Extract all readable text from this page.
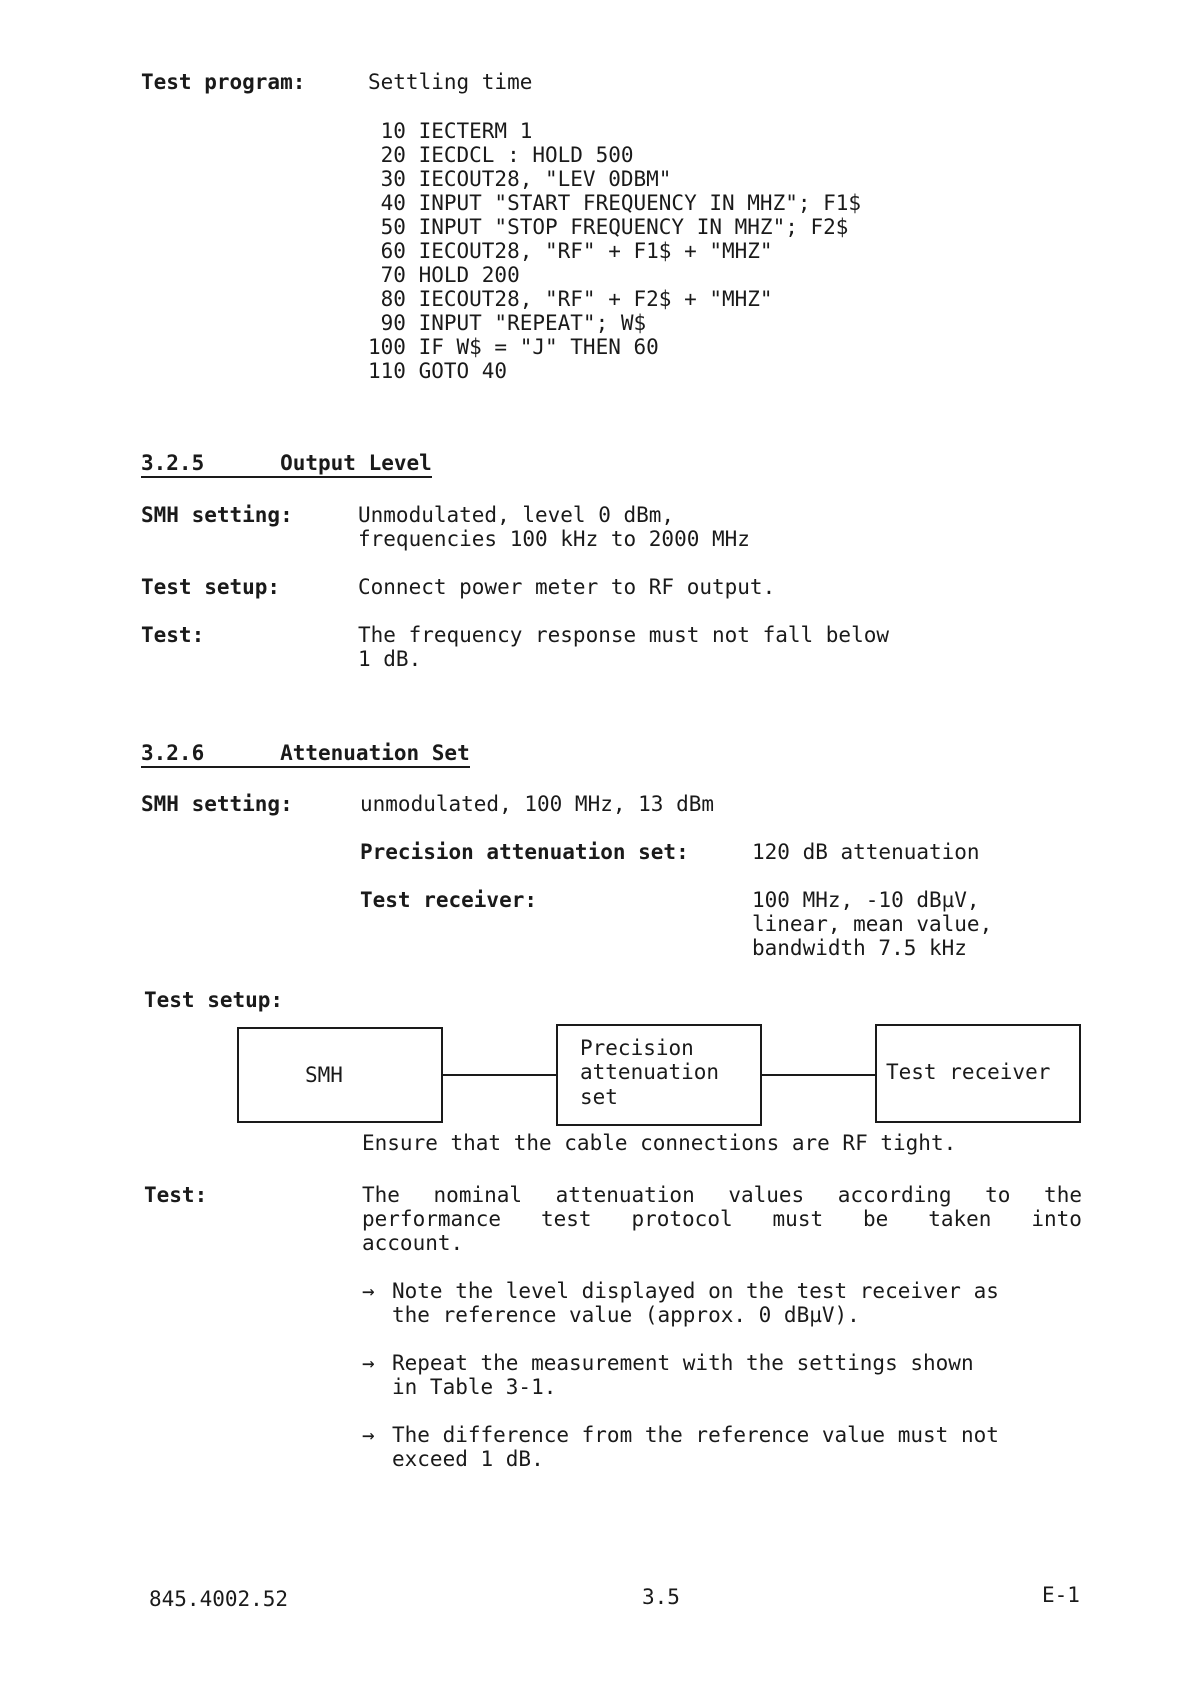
Test program:	Settling time
10 IECTERM 1
20 IECDCL : HOLD 500
30 IECOUT28, "LEV 0DBM"
40 INPUT "START FREQUENCY IN MHZ"; F1$
50 INPUT "STOP FREQUENCY IN MHZ"; F2$
60 IECOUT28, "RF" + F1$ + "MHZ"
70 HOLD 200
80 IECOUT28, "RF" + F2$ + "MHZ"
90 INPUT "REPEAT"; W$
100 IF W$ = "J" THEN 60
110 GOTO 40
3.2.5      Output Level
SMH setting:	Unmodulated, level 0 dBm,
frequencies 100 kHz to 2000 MHz
Test setup:	Connect power meter to RF output.
Test:	The frequency response must not fall below
1 dB.
3.2.6      Attenuation Set
SMH setting:	unmodulated, 100 MHz, 13 dBm
Precision attenuation set:	120 dB attenuation
Test receiver:	100 MHz, -10 dBµV,
linear, mean value,
bandwidth 7.5 kHz
Test setup:
SMH
Precision
attenuation
set
Test receiver
Ensure that the cable connections are RF tight.
Test:	The nominal attenuation values according to the
performance test protocol must be taken into
account.
→ Note the level displayed on the test receiver as
the reference value (approx. 0 dBµV).
→ Repeat the measurement with the settings shown
in Table 3-1.
→ The difference from the reference value must not
exceed 1 dB.
845.4002.52	3.5	E-1
